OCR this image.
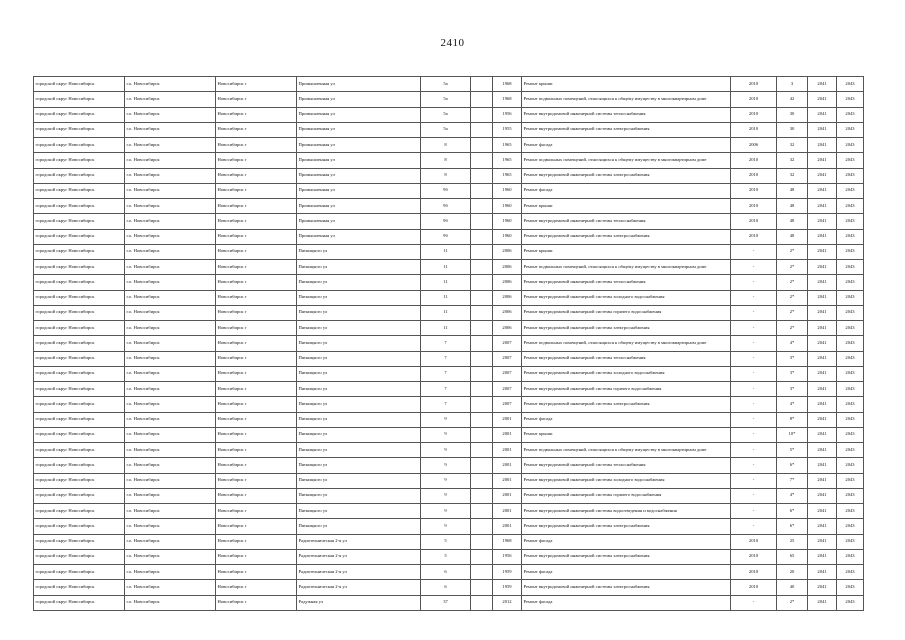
2410
городской округ Новосибирск	г.о. Новосибирск	Новосибирск г	Промышленная ул	5а		1968	Ремонт крыши	2010	3	2041	2043
городской округ Новосибирск	г.о. Новосибирск	Новосибирск г	Промышленная ул	5а		1968	Ремонт подвальных помещений, относящихся к общему имуществу в многоквартирном доме	2010	42	2041	2043
городской округ Новосибирск	г.о. Новосибирск	Новосибирск г	Промышленная ул	5а		1956	Ремонт внутридомовой инженерной системы теплоснабжения	2010	30	2041	2043
городской округ Новосибирск	г.о. Новосибирск	Новосибирск г	Промышленная ул	5а		1955	Ремонт внутридомовой инженерной системы электроснабжения	2010	30	2041	2043
городской округ Новосибирск	г.о. Новосибирск	Новосибирск г	Промышленная ул	8		1965	Ремонт фасада	2006	32	2041	2043
городской округ Новосибирск	г.о. Новосибирск	Новосибирск г	Промышленная ул	8		1965	Ремонт подвальных помещений, относящихся к общему имуществу в многоквартирном доме	2010	32	2041	2043
городской округ Новосибирск	г.о. Новосибирск	Новосибирск г	Промышленная ул	8		1965	Ремонт внутридомовой инженерной системы электроснабжения	2010	32	2041	2043
городской округ Новосибирск	г.о. Новосибирск	Новосибирск г	Промышленная ул	9б		1960	Ремонт фасада	2010	48	2041	2043
городской округ Новосибирск	г.о. Новосибирск	Новосибирск г	Промышленная ул	9б		1960	Ремонт крыши	2010	48	2041	2043
городской округ Новосибирск	г.о. Новосибирск	Новосибирск г	Промышленная ул	9б		1960	Ремонт внутридомовой инженерной системы теплоснабжения	2010	48	2041	2043
городской округ Новосибирск	г.о. Новосибирск	Новосибирск г	Промышленная ул	9б		1960	Ремонт внутридомовой инженерной системы электроснабжения	2010	48	2041	2043
городской округ Новосибирск	г.о. Новосибирск	Новосибирск г	Пятницкого ул	11		2006	Ремонт крыши	-	2*	2041	2043
городской округ Новосибирск	г.о. Новосибирск	Новосибирск г	Пятницкого ул	11		2006	Ремонт подвальных помещений, относящихся к общему имуществу в многоквартирном доме	-	2*	2041	2043
городской округ Новосибирск	г.о. Новосибирск	Новосибирск г	Пятницкого ул	11		2006	Ремонт внутридомовой инженерной системы теплоснабжения	-	2*	2041	2043
городской округ Новосибирск	г.о. Новосибирск	Новосибирск г	Пятницкого ул	11		2006	Ремонт внутридомовой инженерной системы холодного водоснабжения	-	2*	2041	2043
городской округ Новосибирск	г.о. Новосибирск	Новосибирск г	Пятницкого ул	11		2006	Ремонт внутридомовой инженерной системы горячего водоснабжения	-	2*	2041	2043
городской округ Новосибирск	г.о. Новосибирск	Новосибирск г	Пятницкого ул	11		2006	Ремонт внутридомовой инженерной системы электроснабжения	-	2*	2041	2043
городской округ Новосибирск	г.о. Новосибирск	Новосибирск г	Пятницкого ул	7		2007	Ремонт подвальных помещений, относящихся к общему имуществу в многоквартирном доме	-	4*	2041	2043
городской округ Новосибирск	г.о. Новосибирск	Новосибирск г	Пятницкого ул	7		2007	Ремонт внутридомовой инженерной системы теплоснабжения	-	3*	2041	2043
городской округ Новосибирск	г.о. Новосибирск	Новосибирск г	Пятницкого ул	7		2007	Ремонт внутридомовой инженерной системы холодного водоснабжения	-	3*	2041	2043
городской округ Новосибирск	г.о. Новосибирск	Новосибирск г	Пятницкого ул	7		2007	Ремонт внутридомовой инженерной системы горячего водоснабжения	-	3*	2041	2043
городской округ Новосибирск	г.о. Новосибирск	Новосибирск г	Пятницкого ул	7		2007	Ремонт внутридомовой инженерной системы электроснабжения	-	4*	2041	2043
городской округ Новосибирск	г.о. Новосибирск	Новосибирск г	Пятницкого ул	9		2001	Ремонт фасада	-	8*	2041	2043
городской округ Новосибирск	г.о. Новосибирск	Новосибирск г	Пятницкого ул	9		2001	Ремонт крыши	-	10*	2041	2043
городской округ Новосибирск	г.о. Новосибирск	Новосибирск г	Пятницкого ул	9		2001	Ремонт подвальных помещений, относящихся к общему имуществу в многоквартирном доме	-	5*	2041	2043
городской округ Новосибирск	г.о. Новосибирск	Новосибирск г	Пятницкого ул	9		2001	Ремонт внутридомовой инженерной системы теплоснабжения	-	6*	2041	2043
городской округ Новосибирск	г.о. Новосибирск	Новосибирск г	Пятницкого ул	9		2001	Ремонт внутридомовой инженерной системы холодного водоснабжения	-	7*	2041	2043
городской округ Новосибирск	г.о. Новосибирск	Новосибирск г	Пятницкого ул	9		2001	Ремонт внутридомовой инженерной системы горячего водоснабжения	-	4*	2041	2043
городской округ Новосибирск	г.о. Новосибирск	Новосибирск г	Пятницкого ул	9		2001	Ремонт внутридомовой инженерной системы водоотведения и водоснабжения	-	6*	2041	2043
городской округ Новосибирск	г.о. Новосибирск	Новосибирск г	Пятницкого ул	9		2001	Ремонт внутридомовой инженерной системы электроснабжения	-	6*	2041	2043
городской округ Новосибирск	г.о. Новосибирск	Новосибирск г	Радиотехническая 2-я ул	5		1968	Ремонт фасада	2010	25	2041	2043
городской округ Новосибирск	г.о. Новосибирск	Новосибирск г	Радиотехническая 2-я ул	5		1956	Ремонт внутридомовой инженерной системы электроснабжения	2010	65	2041	2043
городской округ Новосибирск	г.о. Новосибирск	Новосибирск г	Радиотехническая 2-я ул	6		1959	Ремонт фасада	2010	20	2041	2043
городской округ Новосибирск	г.о. Новосибирск	Новосибирск г	Радиотехническая 2-я ул	6		1959	Ремонт внутридомовой инженерной системы электроснабжения	2010	40	2041	2043
городской округ Новосибирск	г.о. Новосибирск	Новосибирск г	Радужная ул	37		2012	Ремонт фасада	-	2*	2041	2043
